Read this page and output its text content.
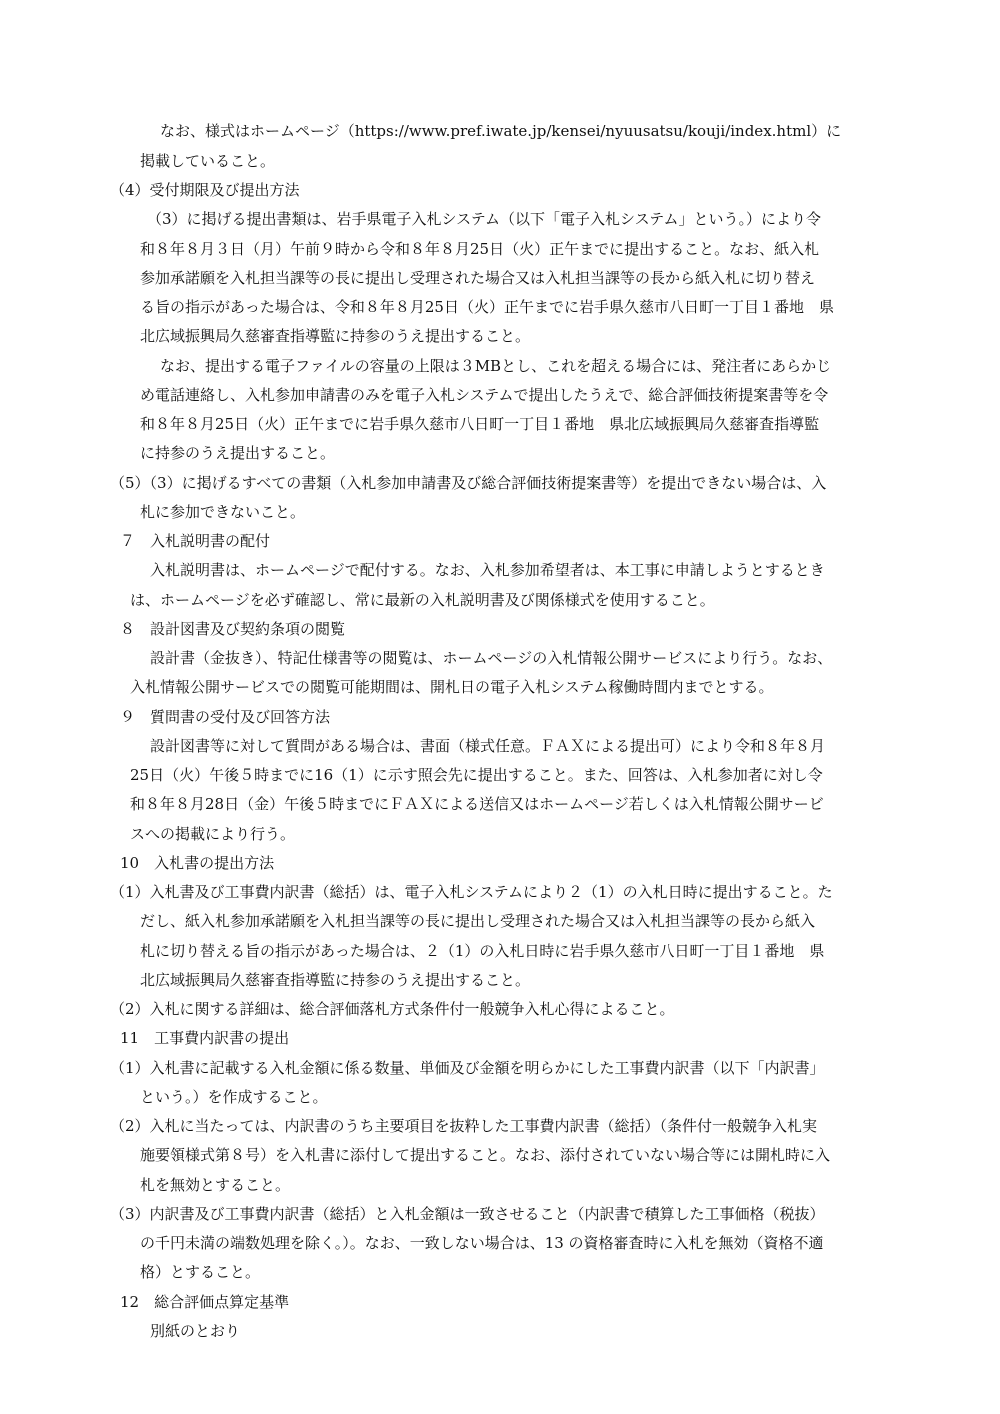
なお、様式はホームページ（https://www.pref.iwate.jp/kensei/nyuusatsu/kouji/index.html）に
掲載していること。
（4）受付期限及び提出方法
（3）に掲げる提出書類は、岩手県電子入札システム（以下「電子入札システム」という。）により令
和８年８月３日（月）午前９時から令和８年８月25日（火）正午までに提出すること。なお、紙入札
参加承諾願を入札担当課等の長に提出し受理された場合又は入札担当課等の長から紙入札に切り替え
る旨の指示があった場合は、令和８年８月25日（火）正午までに岩手県久慈市八日町一丁目１番地　県
北広域振興局久慈審査指導監に持参のうえ提出すること。
なお、提出する電子ファイルの容量の上限は３MBとし、これを超える場合には、発注者にあらかじ
め電話連絡し、入札参加申請書のみを電子入札システムで提出したうえで、総合評価技術提案書等を令
和８年８月25日（火）正午までに岩手県久慈市八日町一丁目１番地　県北広域振興局久慈審査指導監
に持参のうえ提出すること。
（5）（3）に掲げるすべての書類（入札参加申請書及び総合評価技術提案書等）を提出できない場合は、入
札に参加できないこと。
７　入札説明書の配付
入札説明書は、ホームページで配付する。なお、入札参加希望者は、本工事に申請しようとするとき
は、ホームページを必ず確認し、常に最新の入札説明書及び関係様式を使用すること。
８　設計図書及び契約条項の閲覧
設計書（金抜き）、特記仕様書等の閲覧は、ホームページの入札情報公開サービスにより行う。なお、
入札情報公開サービスでの閲覧可能期間は、開札日の電子入札システム稼働時間内までとする。
９　質問書の受付及び回答方法
設計図書等に対して質問がある場合は、書面（様式任意。ＦＡＸによる提出可）により令和８年８月
25日（火）午後５時までに16（1）に示す照会先に提出すること。また、回答は、入札参加者に対し令
和８年８月28日（金）午後５時までにＦＡＸによる送信又はホームページ若しくは入札情報公開サービ
スへの掲載により行う。
10　入札書の提出方法
（1）入札書及び工事費内訳書（総括）は、電子入札システムにより２（1）の入札日時に提出すること。た
だし、紙入札参加承諾願を入札担当課等の長に提出し受理された場合又は入札担当課等の長から紙入
札に切り替える旨の指示があった場合は、２（1）の入札日時に岩手県久慈市八日町一丁目１番地　県
北広域振興局久慈審査指導監に持参のうえ提出すること。
（2）入札に関する詳細は、総合評価落札方式条件付一般競争入札心得によること。
11　工事費内訳書の提出
（1）入札書に記載する入札金額に係る数量、単価及び金額を明らかにした工事費内訳書（以下「内訳書」
という。）を作成すること。
（2）入札に当たっては、内訳書のうち主要項目を抜粋した工事費内訳書（総括）（条件付一般競争入札実
施要領様式第８号）を入札書に添付して提出すること。なお、添付されていない場合等には開札時に入
札を無効とすること。
（3）内訳書及び工事費内訳書（総括）と入札金額は一致させること（内訳書で積算した工事価格（税抜）
の千円未満の端数処理を除く。）。なお、一致しない場合は、13 の資格審査時に入札を無効（資格不適
格）とすること。
12　総合評価点算定基準
別紙のとおり
